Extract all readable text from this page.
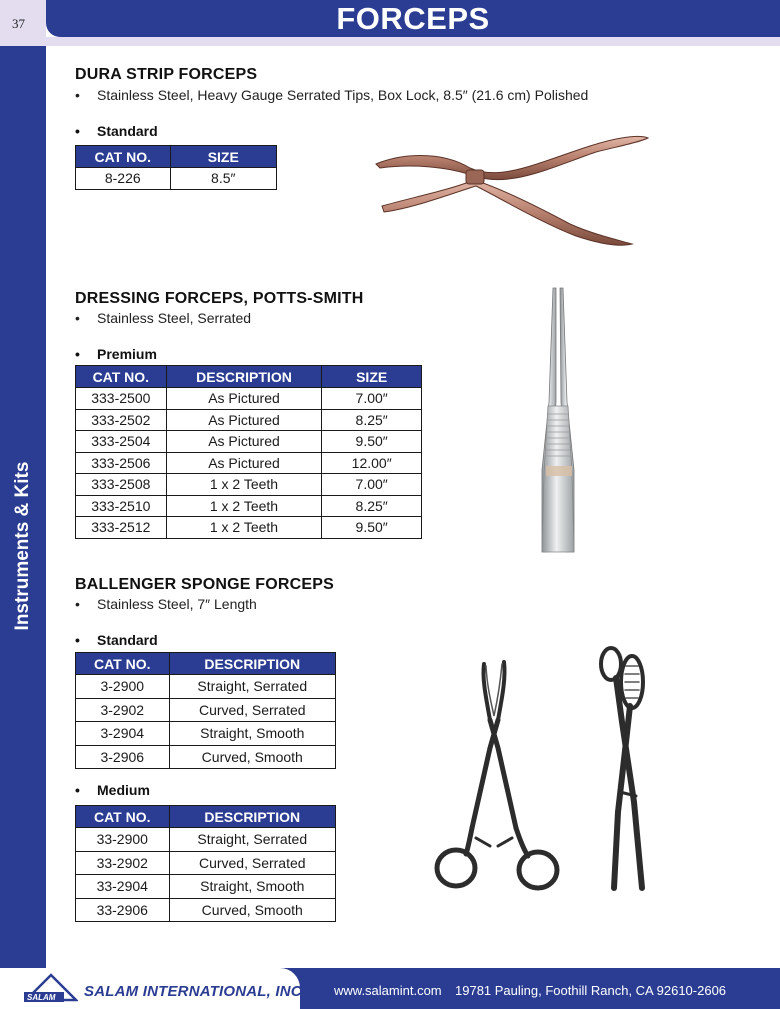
37	FORCEPS
Instruments & Kits
DURA STRIP FORCEPS
• Stainless Steel, Heavy Gauge Serrated Tips, Box Lock, 8.5″ (21.6 cm) Polished
• Standard
CAT NO.	SIZE
8-226	8.5″
DRESSING FORCEPS, POTTS-SMITH
• Stainless Steel, Serrated
• Premium
CAT NO.	DESCRIPTION	SIZE
333-2500	As Pictured	7.00″
333-2502	As Pictured	8.25″
333-2504	As Pictured	9.50″
333-2506	As Pictured	12.00″
333-2508	1 x 2 Teeth	7.00″
333-2510	1 x 2 Teeth	8.25″
333-2512	1 x 2 Teeth	9.50″
BALLENGER SPONGE FORCEPS
• Stainless Steel, 7″ Length
• Standard
CAT NO.	DESCRIPTION
3-2900	Straight, Serrated
3-2902	Curved, Serrated
3-2904	Straight, Smooth
3-2906	Curved, Smooth
• Medium
CAT NO.	DESCRIPTION
33-2900	Straight, Serrated
33-2902	Curved, Serrated
33-2904	Straight, Smooth
33-2906	Curved, Smooth
SALAM SALAM INTERNATIONAL, INC. www.salamint.com 19781 Pauling, Foothill Ranch, CA 92610-2606
